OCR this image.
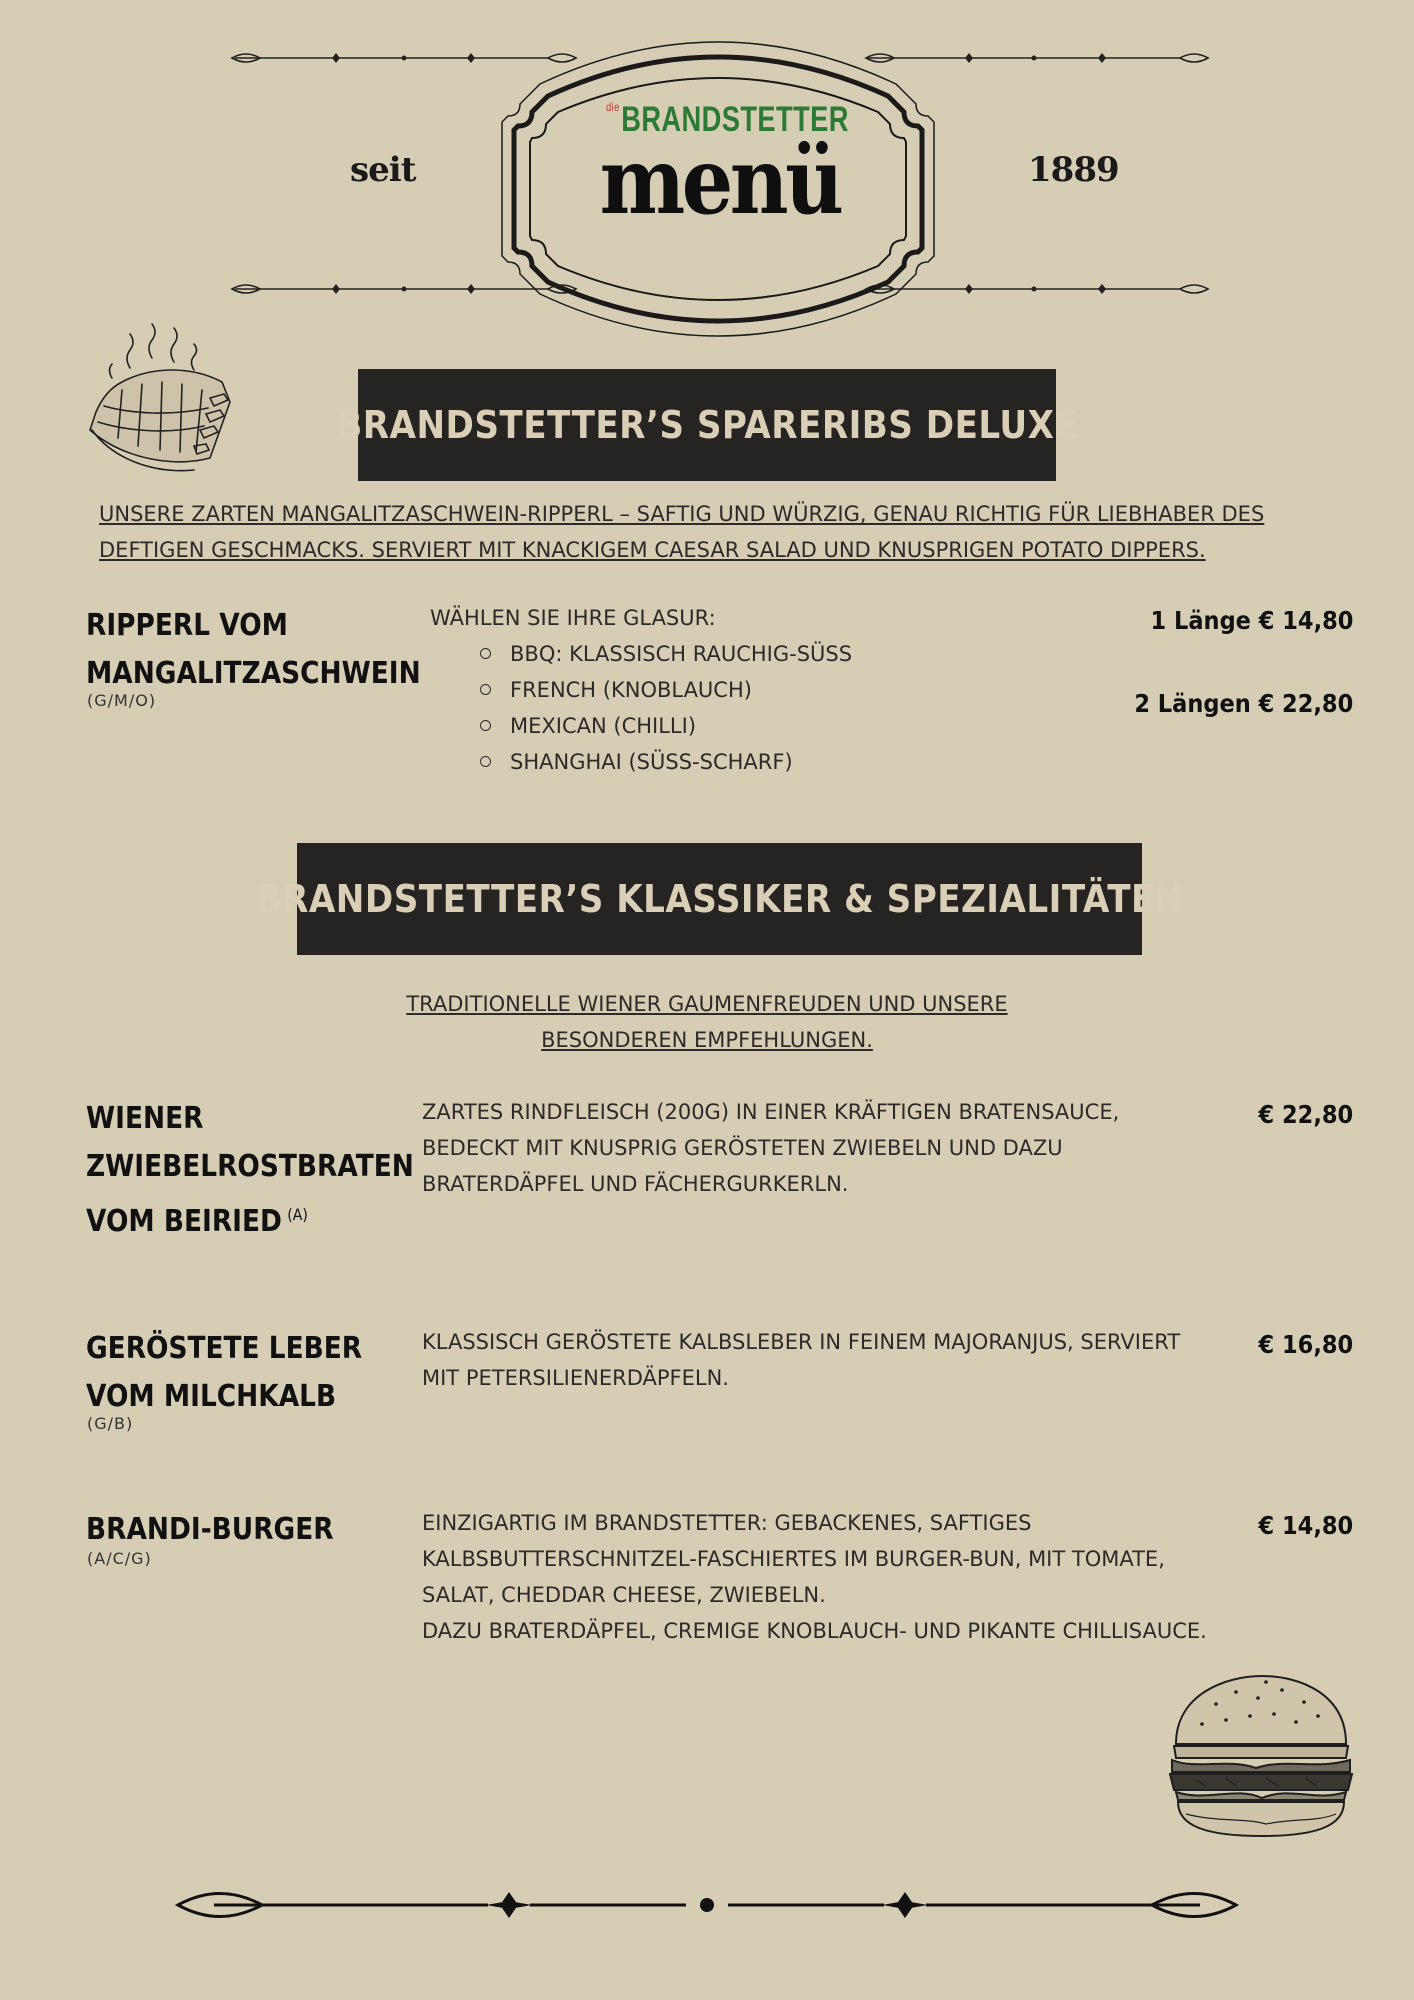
seit	1889
$^{die}$BRANDSTETTER
menü
BRANDSTETTER’S SPARERIBS DELUXE
UNSERE ZARTEN MANGALITZASCHWEIN-RIPPERL – SAFTIG UND WÜRZIG, GENAU RICHTIG FÜR LIEBHABER DES DEFTIGEN GESCHMACKS. SERVIERT MIT KNACKIGEM CAESAR SALAD UND KNUSPRIGEN POTATO DIPPERS.
RIPPERL VOM
MANGALITZASCHWEIN
(G/M/O)
WÄHLEN SIE IHRE GLASUR:
BBQ: KLASSISCH RAUCHIG-SÜSS
FRENCH (KNOBLAUCH)
MEXICAN (CHILLI)
SHANGHAI (SÜSS-SCHARF)
1 Länge € 14,80
2 Längen € 22,80
BRANDSTETTER’S KLASSIKER & SPEZIALITÄTEN
TRADITIONELLE WIENER GAUMENFREUDEN UND UNSERE BESONDEREN EMPFEHLUNGEN.
WIENER
ZWIEBELROSTBRATEN
VOM BEIRIED $^{(A)}$
ZARTES RINDFLEISCH (200G) IN EINER KRÄFTIGEN BRATENSAUCE, BEDECKT MIT KNUSPRIG GERÖSTETEN ZWIEBELN UND DAZU BRATERDÄPFEL UND FÄCHERGURKERLN.
€ 22,80
GERÖSTETE LEBER
VOM MILCHKALB
(G/B)
KLASSISCH GERÖSTETE KALBSLEBER IN FEINEM MAJORANJUS, SERVIERT MIT PETERSILIENERDÄPFELN.
€ 16,80
BRANDI-BURGER
(A/C/G)
EINZIGARTIG IM BRANDSTETTER: GEBACKENES, SAFTIGES KALBSBUTTERSCHNITZEL-FASCHIERTES IM BURGER-BUN, MIT TOMATE, SALAT, CHEDDAR CHEESE, ZWIEBELN.
DAZU BRATERDÄPFEL, CREMIGE KNOBLAUCH- UND PIKANTE CHILLISAUCE.
€ 14,80
